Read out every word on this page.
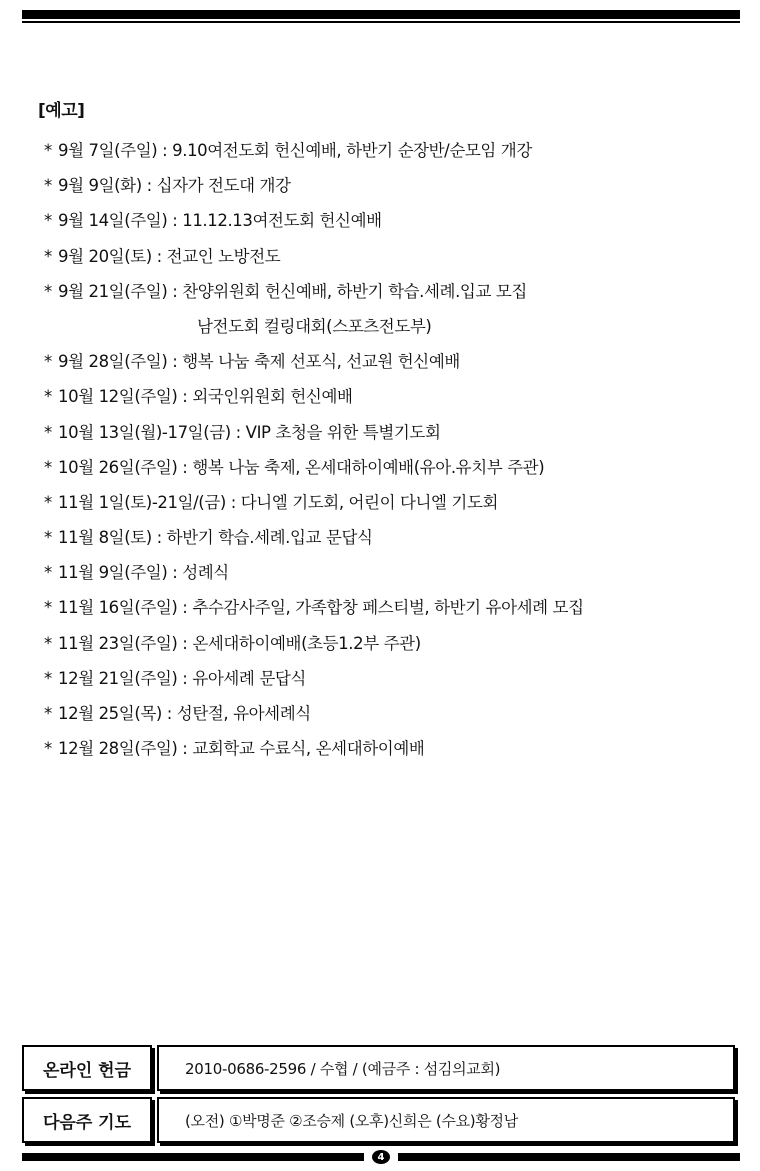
[예고]
* 9월 7일(주일) : 9.10여전도회 헌신예배, 하반기 순장반/순모임 개강
* 9월 9일(화) : 십자가 전도대 개강
* 9월 14일(주일) : 11.12.13여전도회 헌신예배
* 9월 20일(토) : 전교인 노방전도
* 9월 21일(주일) : 찬양위원회 헌신예배, 하반기 학습.세례.입교 모집
남전도회 컬링대회(스포츠전도부)
* 9월 28일(주일) : 행복 나눔 축제 선포식, 선교원 헌신예배
* 10월 12일(주일) : 외국인위원회 헌신예배
* 10월 13일(월)-17일(금) : VIP 초청을 위한 특별기도회
* 10월 26일(주일) : 행복 나눔 축제, 온세대하이예배(유아.유치부 주관)
* 11월 1일(토)-21일/(금) : 다니엘 기도회, 어린이 다니엘 기도회
* 11월 8일(토) : 하반기 학습.세례.입교 문답식
* 11월 9일(주일) : 성례식
* 11월 16일(주일) : 추수감사주일, 가족합창 페스티벌, 하반기 유아세례 모집
* 11월 23일(주일) : 온세대하이예배(초등1.2부 주관)
* 12월 21일(주일) : 유아세례 문답식
* 12월 25일(목) : 성탄절, 유아세례식
* 12월 28일(주일) : 교회학교 수료식, 온세대하이예배
온라인 헌금	2010-0686-2596 / 수협 / (예금주 : 섬김의교회)
다음주 기도	(오전) ①박명준 ②조승제 (오후)신희은 (수요)황정남
4
